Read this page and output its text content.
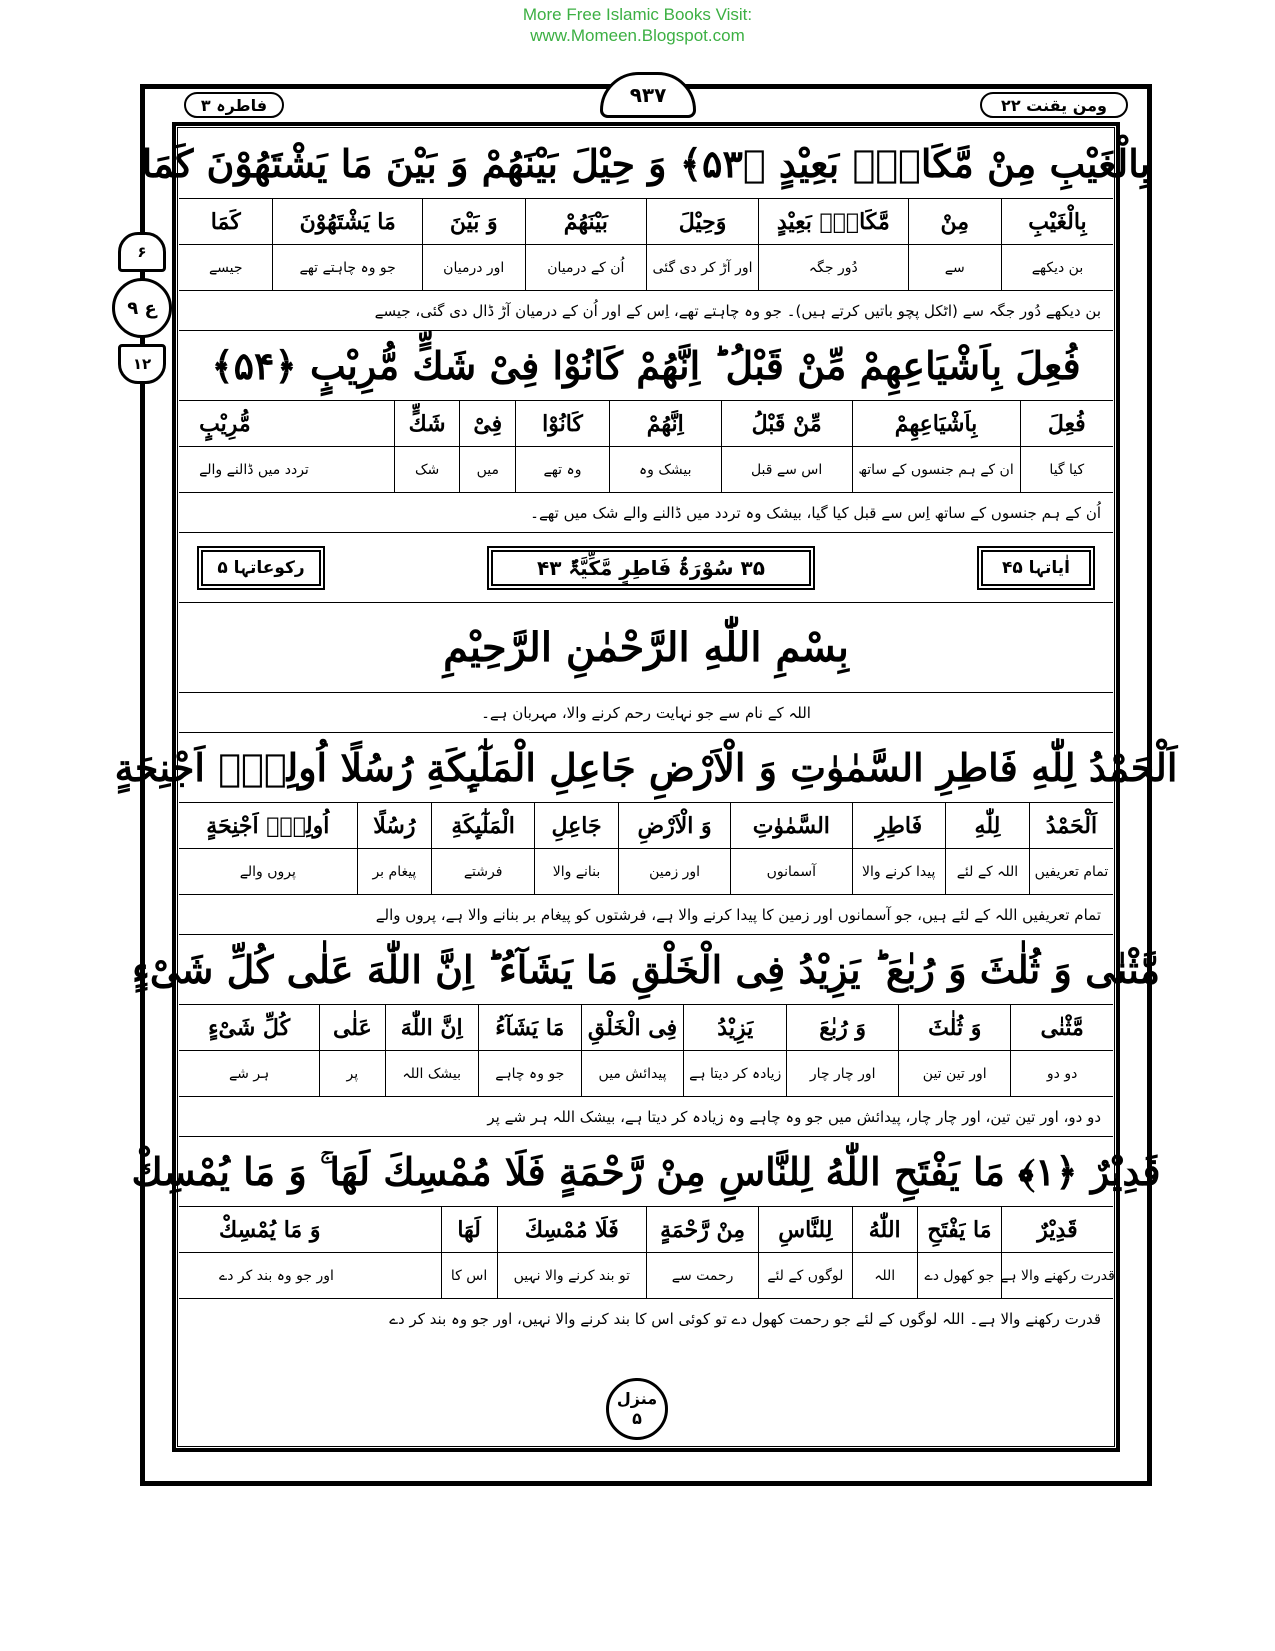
More Free Islamic Books Visit:
www.Momeen.Blogspot.com
ومن یقنت ۲۲
فاطرہ ۳	۹۳۷
۶
ع ۹
۱۲
بِالْغَیْبِ مِنْ مَّكَانٍۭ بَعِیْدٍ ﴿۵۳﴾ وَ حِیْلَ بَیْنَهُمْ وَ بَیْنَ مَا یَشْتَهُوْنَ كَمَا
بِالْغَیْبِ
مِنْ
مَّكَانٍۭ بَعِیْدٍ
وَحِیْلَ
بَیْنَهُمْ
وَ بَیْنَ
مَا یَشْتَهُوْنَ
كَمَا
بن دیکھے
سے
دُور جگہ
اور آڑ کر دی گئی
اُن کے درمیان
اور درمیان
جو وہ چاہتے تھے
جیسے
بن دیکھے دُور جگہ سے (اٹکل پچو باتیں کرتے ہیں)۔ جو وہ چاہتے تھے، اِس کے اور اُن کے درمیان آڑ ڈال دی گئی، جیسے
فُعِلَ بِاَشْیَاعِهِمْ مِّنْ قَبْلُ ؕ اِنَّهُمْ كَانُوْا فِیْ شَكٍّ مُّرِیْبٍ ﴿۵۴﴾
فُعِلَ
بِاَشْیَاعِهِمْ
مِّنْ قَبْلُ
اِنَّهُمْ
كَانُوْا
فِیْ
شَكٍّ
مُّرِیْبٍ
کیا گیا
ان کے ہم جنسوں کے ساتھ
اس سے قبل
بیشک وہ
وہ تھے
میں
شک
تردد میں ڈالنے والے
اُن کے ہم جنسوں کے ساتھ اِس سے قبل کیا گیا، بیشک وہ تردد میں ڈالنے والے شک میں تھے۔
اٰیاتہا ۴۵
۳۵ سُوْرَۃُ فَاطِرٍ مَّكِّیَّۃٌ ۴۳
رکوعاتہا ۵
بِسْمِ اللّٰهِ الرَّحْمٰنِ الرَّحِیْمِ
اللہ کے نام سے جو نہایت رحم کرنے والا، مہربان ہے۔
اَلْحَمْدُ لِلّٰهِ فَاطِرِ السَّمٰوٰتِ وَ الْاَرْضِ جَاعِلِ الْمَلٰٓىِٕكَةِ رُسُلًا اُولِیْۤ اَجْنِحَةٍ
اَلْحَمْدُ
لِلّٰهِ
فَاطِرِ
السَّمٰوٰتِ
وَ الْاَرْضِ
جَاعِلِ
الْمَلٰٓىِٕكَةِ
رُسُلًا
اُولِیْۤ اَجْنِحَةٍ
تمام تعریفیں
اللہ کے لئے
پیدا کرنے والا
آسمانوں
اور زمین
بنانے والا
فرشتے
پیغام بر
پروں والے
تمام تعریفیں اللہ کے لئے ہیں، جو آسمانوں اور زمین کا پیدا کرنے والا ہے، فرشتوں کو پیغام بر بنانے والا ہے، پروں والے
مَّثْنٰى وَ ثُلٰثَ وَ رُبٰعَ ؕ یَزِیْدُ فِی الْخَلْقِ مَا یَشَآءُ ؕ اِنَّ اللّٰهَ عَلٰى كُلِّ شَیْءٍ
مَّثْنٰى
وَ ثُلٰثَ
وَ رُبٰعَ
یَزِیْدُ
فِی الْخَلْقِ
مَا یَشَآءُ
اِنَّ اللّٰهَ
عَلٰى
كُلِّ شَیْءٍ
دو دو
اور تین تین
اور چار چار
زیادہ کر دیتا ہے
پیدائش میں
جو وہ چاہے
بیشک اللہ
پر
ہر شے
دو دو، اور تین تین، اور چار چار، پیدائش میں جو وہ چاہے وہ زیادہ کر دیتا ہے، بیشک اللہ ہر شے پر
قَدِیْرٌ ﴿۱﴾ مَا یَفْتَحِ اللّٰهُ لِلنَّاسِ مِنْ رَّحْمَةٍ فَلَا مُمْسِكَ لَهَا ۚ وَ مَا یُمْسِكْ
قَدِیْرٌ
مَا یَفْتَحِ
اللّٰهُ
لِلنَّاسِ
مِنْ رَّحْمَةٍ
فَلَا مُمْسِكَ
لَهَا
وَ مَا یُمْسِكْ
قدرت رکھنے والا ہے
جو کھول دے
اللہ
لوگوں کے لئے
رحمت سے
تو بند کرنے والا نہیں
اس کا
اور جو وہ بند کر دے
قدرت رکھنے والا ہے۔ اللہ لوگوں کے لئے جو رحمت کھول دے تو کوئی اس کا بند کرنے والا نہیں، اور جو وہ بند کر دے
منزل
۵
